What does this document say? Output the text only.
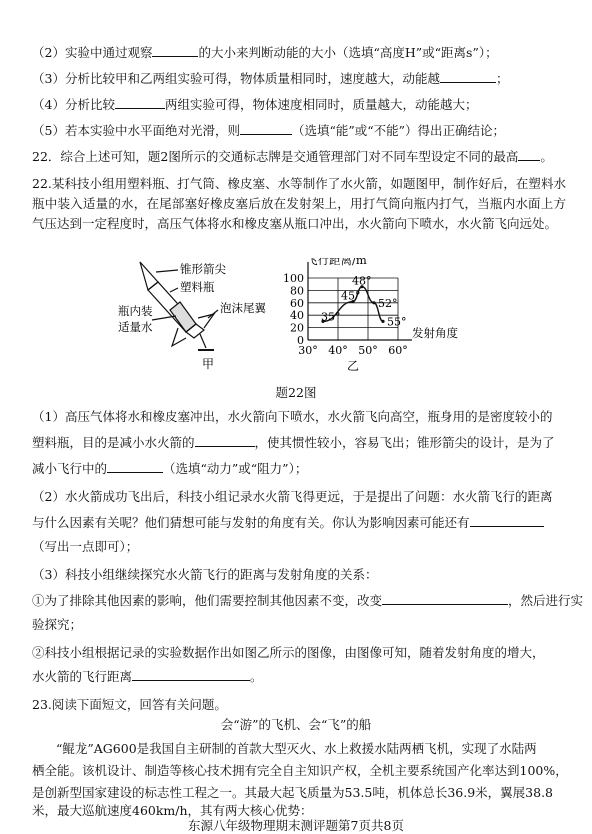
（2）实验中通过观察	的大小来判断动能的大小（选填“高度H”或“距离s”）；
（3）分析比较甲和乙两组实验可得，物体质量相同时，速度越大，动能越	；
（4）分析比较	两组实验可得，物体速度相同时，质量越大，动能越大；
（5）若本实验中水平面绝对光滑，则	（选填“能”或“不能”）得出正确结论；
22．综合上述可知，题2图所示的交通标志牌是交通管理部门对不同车型设定不同的最高 。
22.某科技小组用塑料瓶、打气筒、橡皮塞、水等制作了水火箭，如题图甲，制作好后，在塑料水瓶中装入适量的水，在尾部塞好橡皮塞后放在发射架上，用打气筒向瓶内打气，当瓶内水面上方气压达到一定程度时，高压气体将水和橡皮塞从瓶口冲出，水火箭向下喷水，水火箭飞向远处。
锥形箭尖
塑料瓶
瓶内装
适量水
泡沫尾翼
甲
飞行距离/m
发射角度
0
20
40
60
80
100
30° 40° 50° 60°
35°
45°
48°
52°
55°
乙
题22图
（1）高压气体将水和橡皮塞冲出，水火箭向下喷水，水火箭飞向高空，瓶身用的是密度较小的
塑料瓶，目的是减小水火箭的	，使其惯性较小，容易飞出；锥形箭尖的设计，是为了
减小飞行中的	（选填“动力”或“阻力”）；
（2）水火箭成功飞出后，科技小组记录水火箭飞得更远，于是提出了问题：水火箭飞行的距离
与什么因素有关呢？他们猜想可能与发射的角度有关。你认为影响因素可能还有
（写出一点即可）；
（3）科技小组继续探究水火箭飞行的距离与发射角度的关系：
①为了排除其他因素的影响，他们需要控制其他因素不变，改变	，然后进行实
验探究；
②科技小组根据记录的实验数据作出如图乙所示的图像，由图像可知，随着发射角度的增大，
水火箭的飞行距离	。
23.阅读下面短文，回答有关问题。
会“游”的飞机、会“飞”的船
“鲲龙”AG600是我国自主研制的首款大型灭火、水上救援水陆两栖飞机，实现了水陆两
栖全能。该机设计、制造等核心技术拥有完全自主知识产权，全机主要系统国产化率达到100%，
是创新型国家建设的标志性工程之一。其最大起飞质量为53.5吨，机体总长36.9米，翼展38.8
米，最大巡航速度460km/h，其有两大核心优势：
东源八年级物理期末测评题第7页共8页
